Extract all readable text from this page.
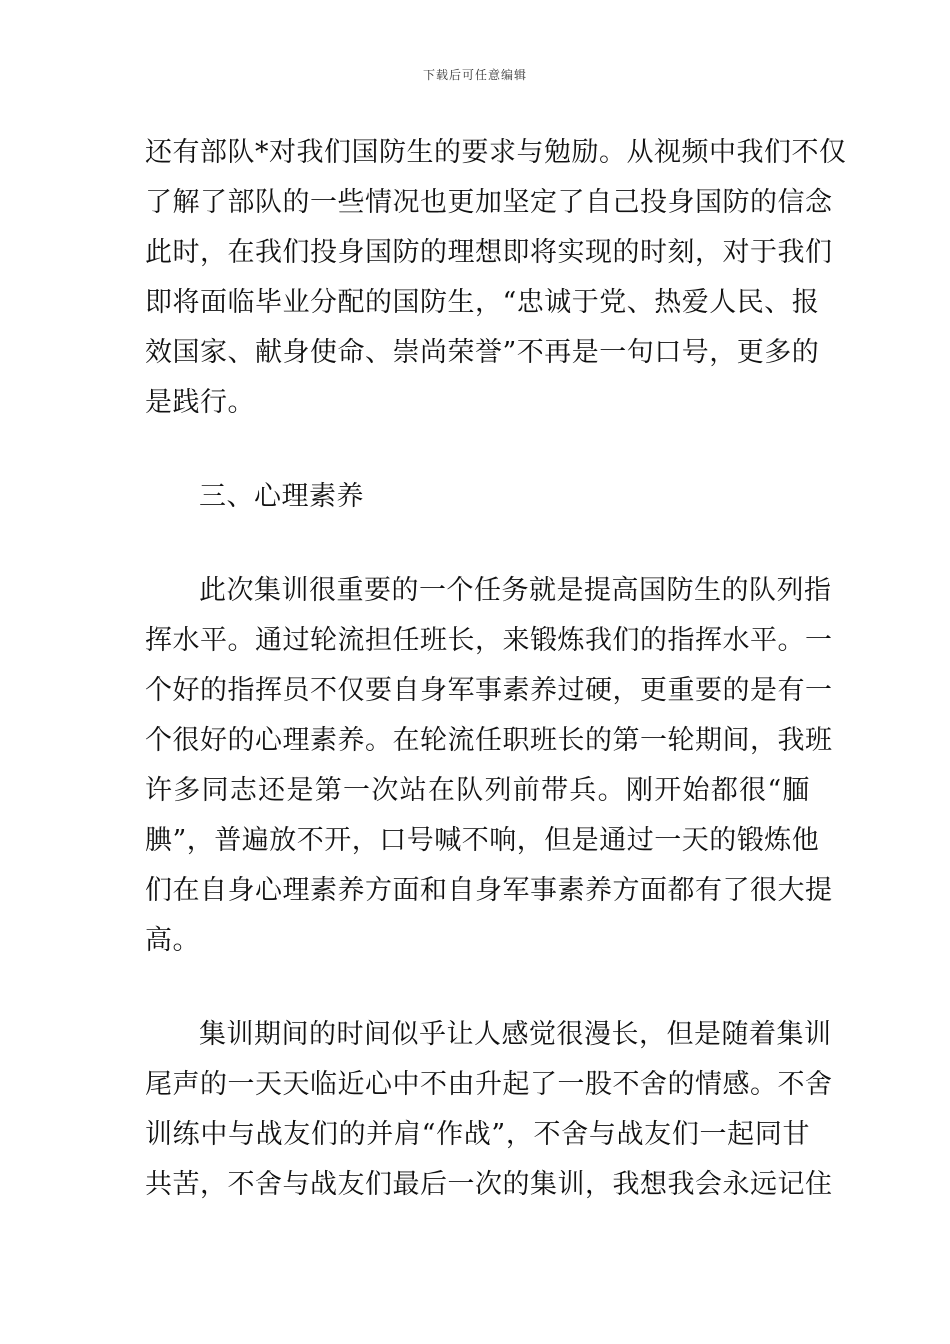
下载后可任意编辑
还有部队*对我们国防生的要求与勉励。从视频中我们不仅
了解了部队的一些情况也更加坚定了自己投身国防的信念
此时，在我们投身国防的理想即将实现的时刻，对于我们
即将面临毕业分配的国防生，“忠诚于党、热爱人民、报
效国家、献身使命、崇尚荣誉”不再是一句口号，更多的
是践行。
三、心理素养
此次集训很重要的一个任务就是提高国防生的队列指
挥水平。通过轮流担任班长，来锻炼我们的指挥水平。一
个好的指挥员不仅要自身军事素养过硬，更重要的是有一
个很好的心理素养。在轮流任职班长的第一轮期间，我班
许多同志还是第一次站在队列前带兵。刚开始都很“腼
腆”，普遍放不开，口号喊不响，但是通过一天的锻炼他
们在自身心理素养方面和自身军事素养方面都有了很大提
高。
集训期间的时间似乎让人感觉很漫长，但是随着集训
尾声的一天天临近心中不由升起了一股不舍的情感。不舍
训练中与战友们的并肩“作战”，不舍与战友们一起同甘
共苦，不舍与战友们最后一次的集训，我想我会永远记住
